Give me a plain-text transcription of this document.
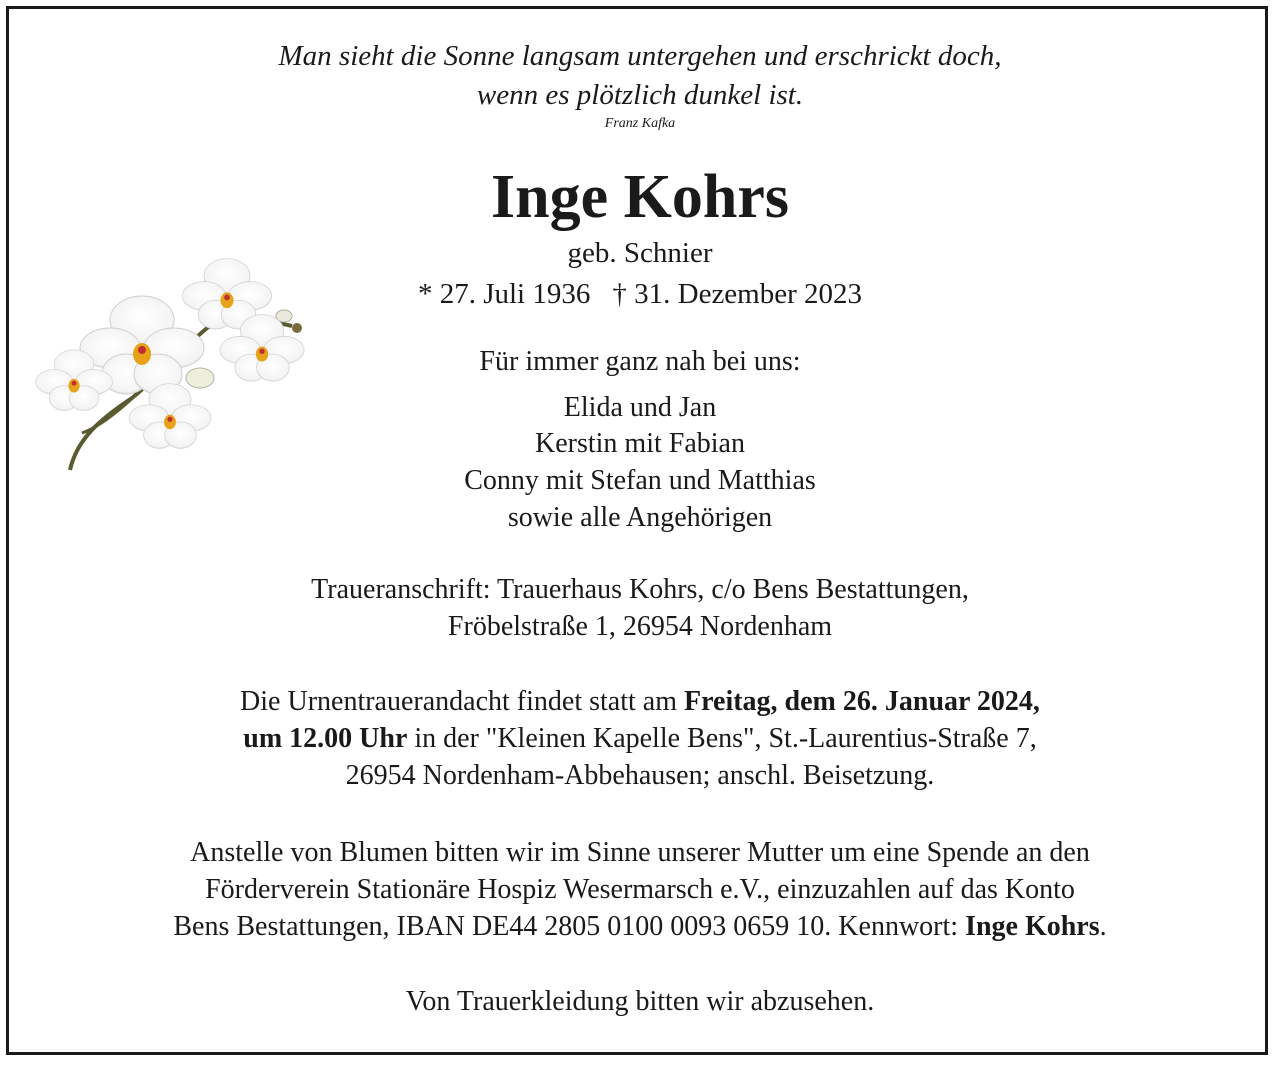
Man sieht die Sonne langsam untergehen und erschrickt doch,
wenn es plötzlich dunkel ist.
Franz Kafka
Inge Kohrs
geb. Schnier
* 27. Juli 1936 † 31. Dezember 2023
Für immer ganz nah bei uns:
Elida und Jan
Kerstin mit Fabian
Conny mit Stefan und Matthias
sowie alle Angehörigen
Traueranschrift: Trauerhaus Kohrs, c/o Bens Bestattungen,
Fröbelstraße 1, 26954 Nordenham
Die Urnentrauerandacht findet statt am Freitag, dem 26. Januar 2024,
um 12.00 Uhr in der "Kleinen Kapelle Bens", St.-Laurentius-Straße 7,
26954 Nordenham-Abbehausen; anschl. Beisetzung.
Anstelle von Blumen bitten wir im Sinne unserer Mutter um eine Spende an den
Förderverein Stationäre Hospiz Wesermarsch e.V., einzuzahlen auf das Konto
Bens Bestattungen, IBAN DE44 2805 0100 0093 0659 10. Kennwort: Inge Kohrs.
Von Trauerkleidung bitten wir abzusehen.
